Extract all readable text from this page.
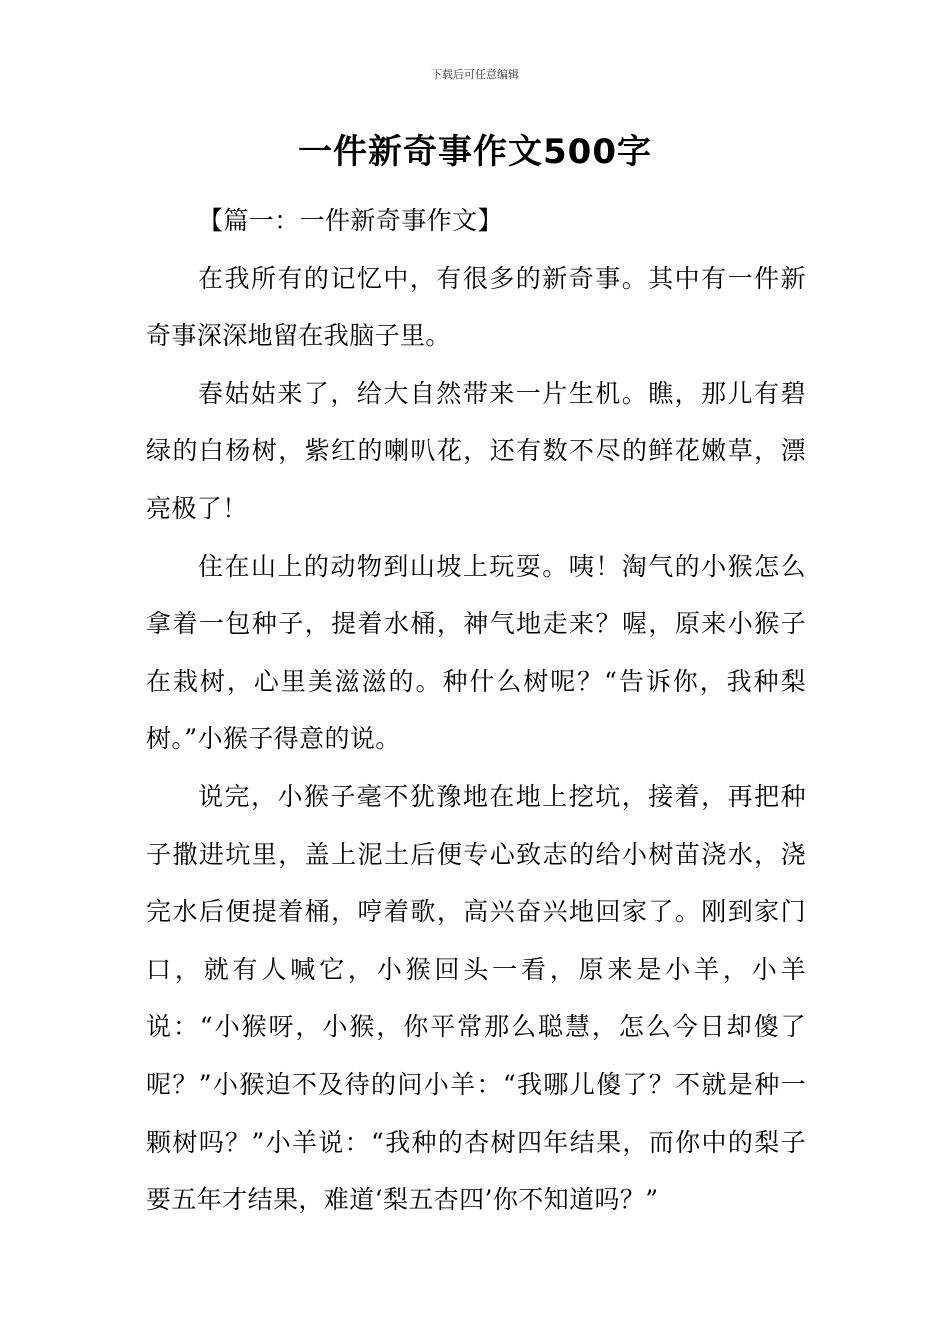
下载后可任意编辑
一件新奇事作文500字

【篇一：一件新奇事作文】

在我所有的记忆中，有很多的新奇事。其中有一件新奇事深深地留在我脑子里。

春姑姑来了，给大自然带来一片生机。瞧，那儿有碧绿的白杨树，紫红的喇叭花，还有数不尽的鲜花嫩草，漂亮极了！

住在山上的动物到山坡上玩耍。咦！淘气的小猴怎么拿着一包种子，提着水桶，神气地走来？喔，原来小猴子在栽树，心里美滋滋的。种什么树呢？“告诉你，我种梨树。”小猴子得意的说。

说完，小猴子毫不犹豫地在地上挖坑，接着，再把种子撒进坑里，盖上泥土后便专心致志的给小树苗浇水，浇完水后便提着桶，哼着歌，高兴奋兴地回家了。刚到家门口，就有人喊它，小猴回头一看，原来是小羊，小羊说：“小猴呀，小猴，你平常那么聪慧，怎么今日却傻了呢？”小猴迫不及待的问小羊：“我哪儿傻了？不就是种一颗树吗？”小羊说：“我种的杏树四年结果，而你中的梨子要五年才结果，难道‘梨五杏四’你不知道吗？”
